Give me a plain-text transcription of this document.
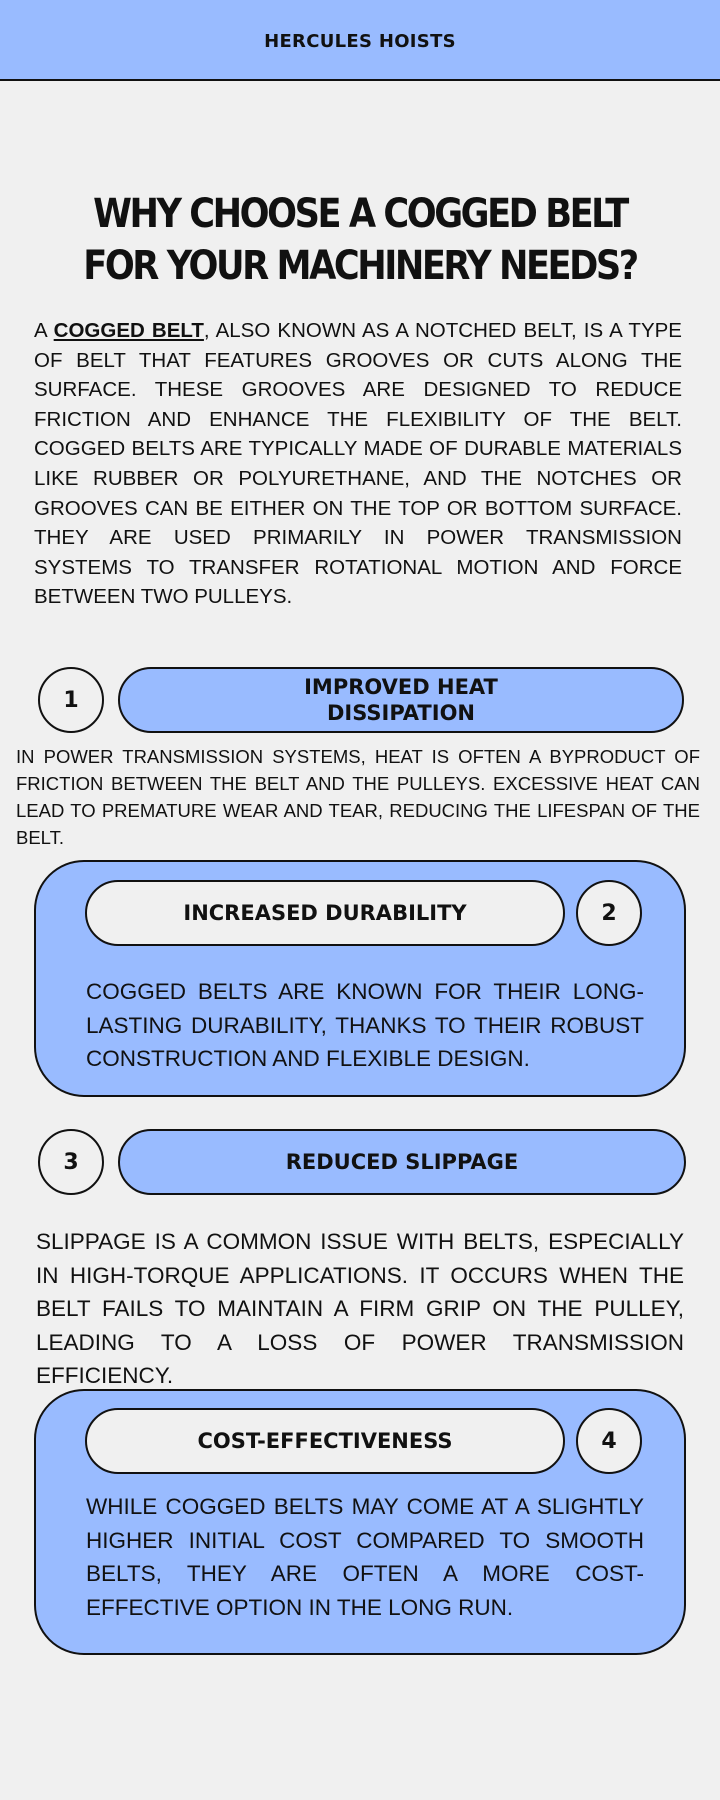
HERCULES HOISTS
WHY CHOOSE A COGGED BELT FOR YOUR MACHINERY NEEDS?

A COGGED BELT, ALSO KNOWN AS A NOTCHED BELT, IS A TYPE OF BELT THAT FEATURES GROOVES OR CUTS ALONG THE SURFACE. THESE GROOVES ARE DESIGNED TO REDUCE FRICTION AND ENHANCE THE FLEXIBILITY OF THE BELT. COGGED BELTS ARE TYPICALLY MADE OF DURABLE MATERIALS LIKE RUBBER OR POLYURETHANE, AND THE NOTCHES OR GROOVES CAN BE EITHER ON THE TOP OR BOTTOM SURFACE. THEY ARE USED PRIMARILY IN POWER TRANSMISSION SYSTEMS TO TRANSFER ROTATIONAL MOTION AND FORCE BETWEEN TWO PULLEYS.

1
IMPROVED HEAT DISSIPATION

IN POWER TRANSMISSION SYSTEMS, HEAT IS OFTEN A BYPRODUCT OF FRICTION BETWEEN THE BELT AND THE PULLEYS. EXCESSIVE HEAT CAN LEAD TO PREMATURE WEAR AND TEAR, REDUCING THE LIFESPAN OF THE BELT.

INCREASED DURABILITY	2

COGGED BELTS ARE KNOWN FOR THEIR LONG-LASTING DURABILITY, THANKS TO THEIR ROBUST CONSTRUCTION AND FLEXIBLE DESIGN.

3	REDUCED SLIPPAGE

SLIPPAGE IS A COMMON ISSUE WITH BELTS, ESPECIALLY IN HIGH-TORQUE APPLICATIONS. IT OCCURS WHEN THE BELT FAILS TO MAINTAIN A FIRM GRIP ON THE PULLEY, LEADING TO A LOSS OF POWER TRANSMISSION EFFICIENCY.

COST-EFFECTIVENESS	4

WHILE COGGED BELTS MAY COME AT A SLIGHTLY HIGHER INITIAL COST COMPARED TO SMOOTH BELTS, THEY ARE OFTEN A MORE COST-EFFECTIVE OPTION IN THE LONG RUN.
